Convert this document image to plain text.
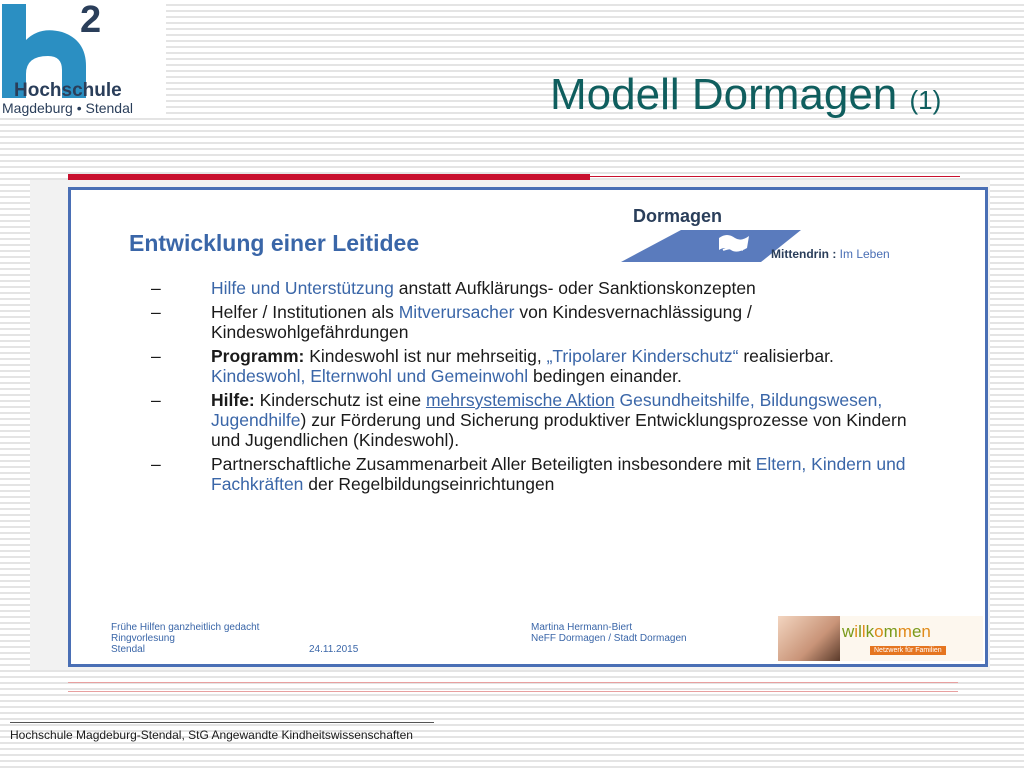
2
Hochschule
Magdeburg • Stendal	Modell Dormagen (1)
Entwicklung einer Leitidee
Dormagen
Mittendrin : Im Leben
–	Hilfe und Unterstützung anstatt Aufklärungs- oder Sanktionskonzepten
–	Helfer / Institutionen als Mitverursacher von Kindesvernachlässigung / Kindeswohlgefährdungen
–	Programm: Kindeswohl ist nur mehrseitig, „Tripolarer Kinderschutz“ realisierbar. Kindeswohl, Elternwohl und Gemeinwohl bedingen einander.
–	Hilfe: Kinderschutz ist eine mehrsystemische Aktion Gesundheitshilfe, Bildungswesen, Jugendhilfe) zur Förderung und Sicherung produktiver Entwicklungsprozesse von Kindern und Jugendlichen (Kindeswohl).
–	Partnerschaftliche Zusammenarbeit Aller Beteiligten insbesondere mit Eltern, Kindern und Fachkräften der Regelbildungseinrichtungen
Frühe Hilfen ganzheitlich gedacht
Ringvorlesung
Stendal	24.11.2015
Martina Hermann-Biert
NeFF Dormagen / Stadt Dormagen	willkommen
Netzwerk für Familien
Hochschule Magdeburg-Stendal, StG Angewandte Kindheitswissenschaften
